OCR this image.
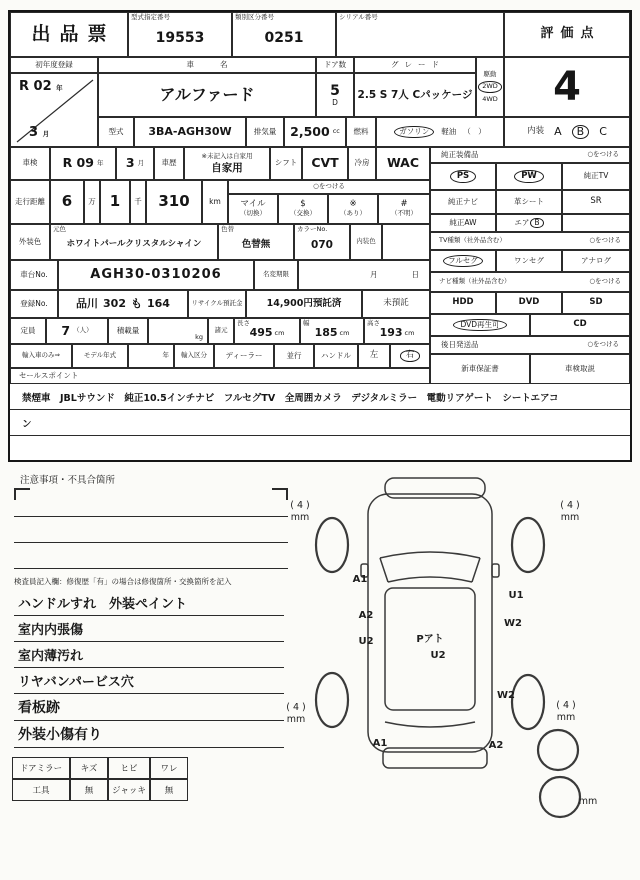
出品票
型式指定番号
19553
類別区分番号
0251
シリアル番号
評価点
初年度登録
R 02 年
3 月
車名
アルファード
ドア数
5
D
グレード
2.5 S 7人 Cパッケージ
駆動
2WD
4WD 4
内装 A	B	C
型式	3BA-AGH30W	排気量	2,500 cc	燃料	ガソリン	軽油 （　）
車検	R 09 年 3 月	車歴
※未記入は自家用
自家用	シフト	CVT	冷房	WAC
走行距離	6	万 1	千 310	km
○をつける
マイル
（切換）
$
（交換）
※
（あり）
#
（不明）
外装色
元色
ホワイトパールクリスタルシャイン
色替
色替無
カラーNo.
070	内装色
車台No.	AGH30-0310206	名変期限	月	日
登録No.	品川 302 も 164	リサイクル預託金	14,900円預託済	未預託
定員	7 （人）	積載量
kg
諸元
長さ
495 cm
幅
185 cm
高さ
193 cm
輸入車のみ⇒	モデル年式	年	輸入区分	ディーラー	並行	ハンドル	左	右
セールスポイント
純正装備品	○をつける
PS	PW	純正TV
純正ナビ	革シート	SR
純正AW	エア B
TV種類（社外品含む）	○をつける
フルセグ	ワンセグ	アナログ
ナビ種類（社外品含む）	○をつける
HDD	DVD	SD
DVD再生可	CD
後日発送品	○をつける
新車保証書	車検取説
禁煙車　JBLサウンド　純正10.5インチナビ　フルセグTV　全周囲カメラ　デジタルミラー　電動リアゲート　シートエアコ
ン
注意事項・不具合箇所
検査員記入欄：修復歴「有」の場合は修復箇所・交換箇所を記入
ハンドルすれ　外装ペイント
室内内張傷
室内薄汚れ
リヤバンパービス穴
看板跡
外装小傷有り
ドアミラー	キズ	ヒビ	ワレ
工具	無	ジャッキ	無
( 4 )
mm
( 4 )
mm
( 4 )
mm
( 4 )
mm
mm
A1
U1
A2
W2
U2	Pアト
U2
W2
A1	A2
